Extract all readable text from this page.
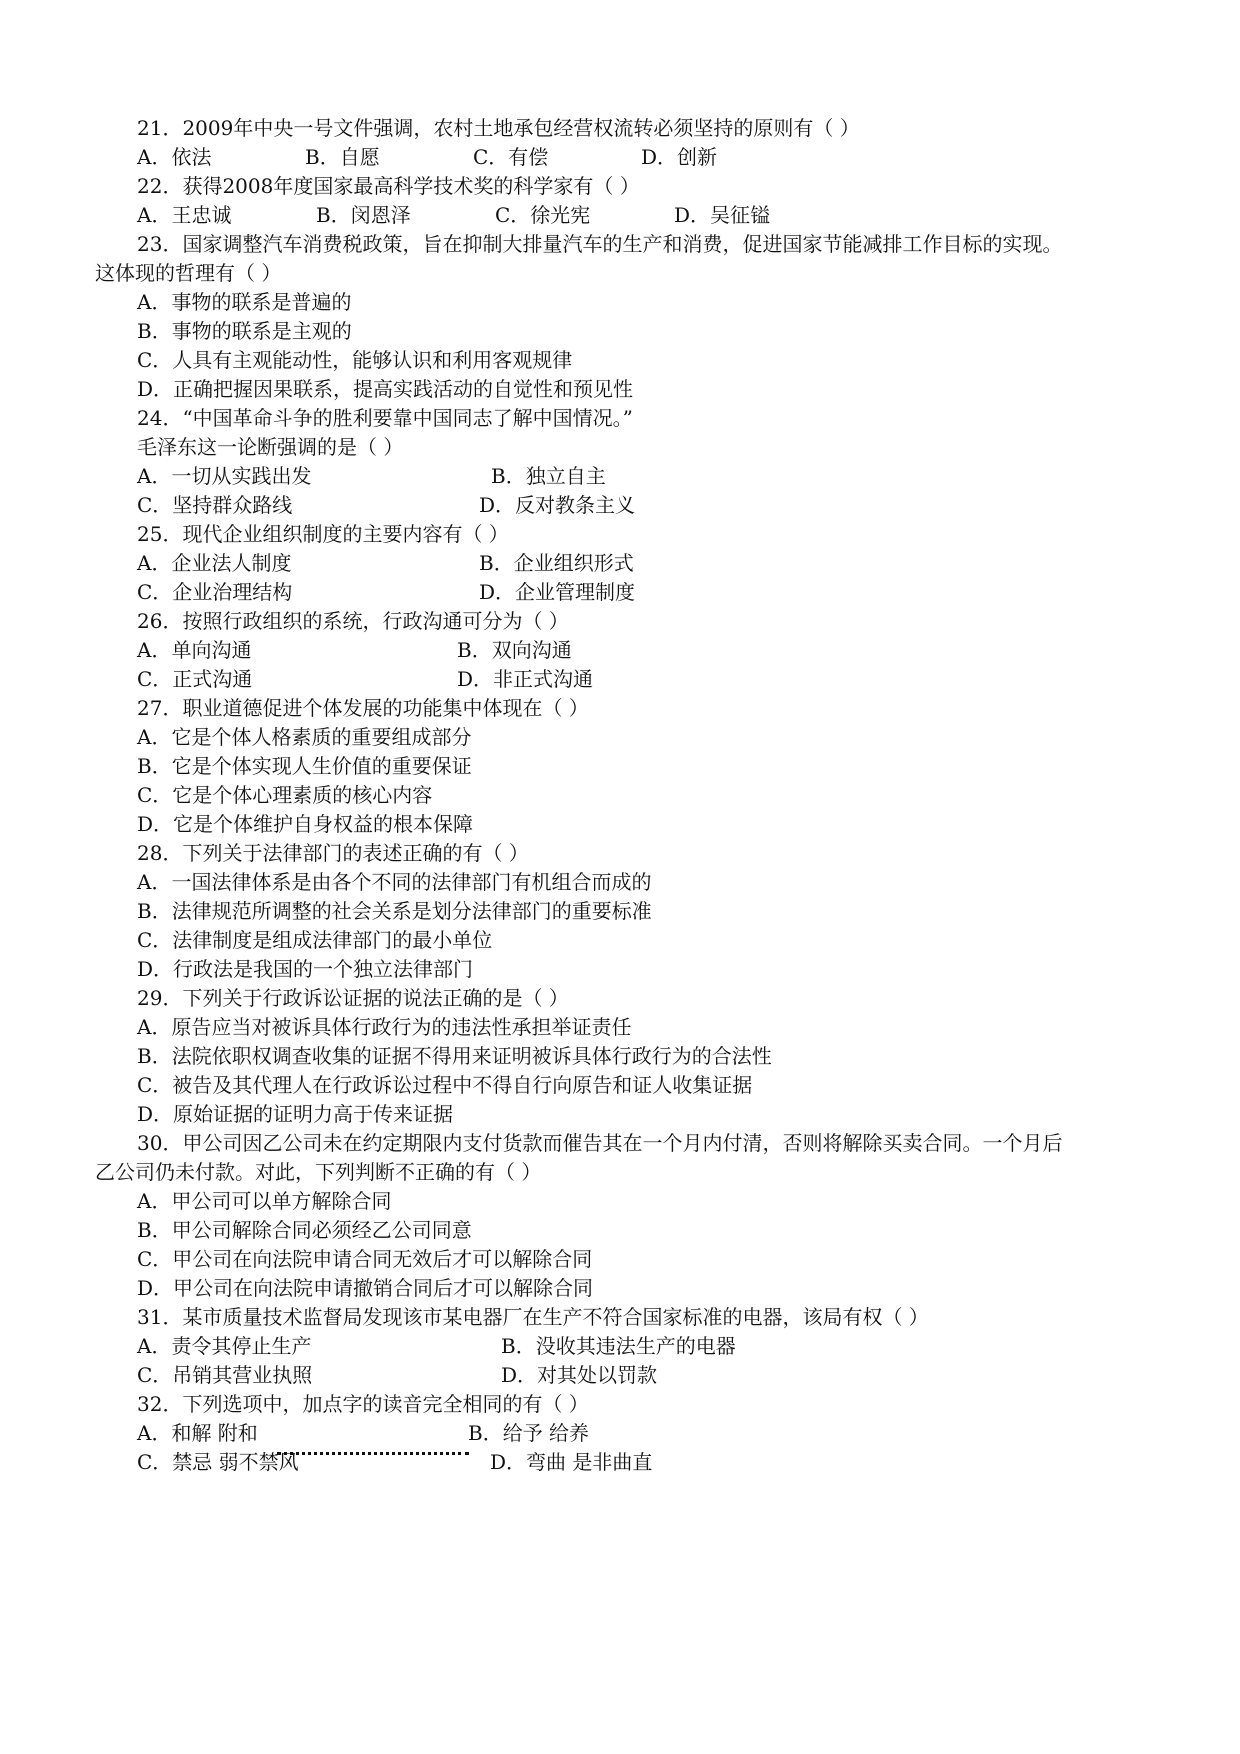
21．2009年中央一号文件强调，农村土地承包经营权流转必须坚持的原则有（ ）
A．依法	B．自愿	C．有偿	D．创新
22．获得2008年度国家最高科学技术奖的科学家有（ ）
A．王忠诚	B．闵恩泽	C．徐光宪	D．吴征镒
23．国家调整汽车消费税政策，旨在抑制大排量汽车的生产和消费，促进国家节能减排工作目标的实现。
这体现的哲理有（ ）
A．事物的联系是普遍的
B．事物的联系是主观的
C．人具有主观能动性，能够认识和利用客观规律
D．正确把握因果联系，提高实践活动的自觉性和预见性
24．“中国革命斗争的胜利要靠中国同志了解中国情况。”
毛泽东这一论断强调的是（ ）
A．一切从实践出发	B．独立自主
C．坚持群众路线	D．反对教条主义
25．现代企业组织制度的主要内容有（ ）
A．企业法人制度	B．企业组织形式
C．企业治理结构	D．企业管理制度
26．按照行政组织的系统，行政沟通可分为（ ）
A．单向沟通	B．双向沟通
C．正式沟通	D．非正式沟通
27．职业道德促进个体发展的功能集中体现在（ ）
A．它是个体人格素质的重要组成部分
B．它是个体实现人生价值的重要保证
C．它是个体心理素质的核心内容
D．它是个体维护自身权益的根本保障
28．下列关于法律部门的表述正确的有（ ）
A．一国法律体系是由各个不同的法律部门有机组合而成的
B．法律规范所调整的社会关系是划分法律部门的重要标准
C．法律制度是组成法律部门的最小单位
D．行政法是我国的一个独立法律部门
29．下列关于行政诉讼证据的说法正确的是（ ）
A．原告应当对被诉具体行政行为的违法性承担举证责任
B．法院依职权调查收集的证据不得用来证明被诉具体行政行为的合法性
C．被告及其代理人在行政诉讼过程中不得自行向原告和证人收集证据
D．原始证据的证明力高于传来证据
30．甲公司因乙公司未在约定期限内支付货款而催告其在一个月内付清，否则将解除买卖合同。一个月后
乙公司仍未付款。对此，下列判断不正确的有（ ）
A．甲公司可以单方解除合同
B．甲公司解除合同必须经乙公司同意
C．甲公司在向法院申请合同无效后才可以解除合同
D．甲公司在向法院申请撤销合同后才可以解除合同
31．某市质量技术监督局发现该市某电器厂在生产不符合国家标准的电器，该局有权（ ）
A．责令其停止生产	B．没收其违法生产的电器
C．吊销其营业执照	D．对其处以罚款
32．下列选项中，加点字的读音完全相同的有（ ）
A．和解 附和	B．给予 给养
C．禁忌 弱不禁风	D．弯曲 是非曲直
